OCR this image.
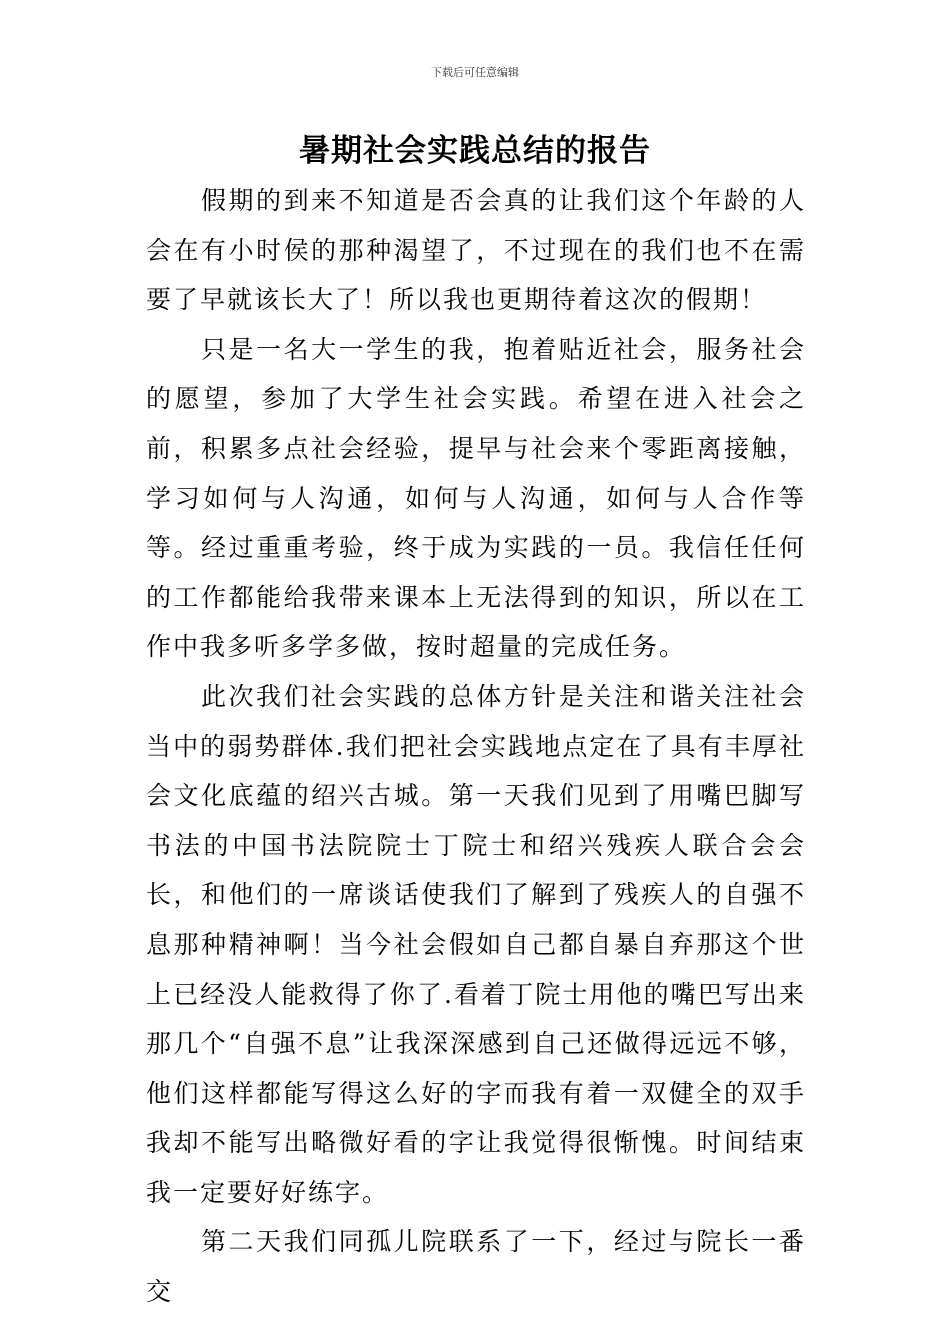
下载后可任意编辑
暑期社会实践总结的报告

假期的到来不知道是否会真的让我们这个年龄的人会在有小时侯的那种渴望了，不过现在的我们也不在需要了早就该长大了！所以我也更期待着这次的假期！

只是一名大一学生的我，抱着贴近社会，服务社会的愿望，参加了大学生社会实践。希望在进入社会之前，积累多点社会经验，提早与社会来个零距离接触，学习如何与人沟通，如何与人沟通，如何与人合作等等。经过重重考验，终于成为实践的一员。我信任任何的工作都能给我带来课本上无法得到的知识，所以在工作中我多听多学多做，按时超量的完成任务。

此次我们社会实践的总体方针是关注和谐关注社会当中的弱势群体.我们把社会实践地点定在了具有丰厚社会文化底蕴的绍兴古城。第一天我们见到了用嘴巴脚写书法的中国书法院院士丁院士和绍兴残疾人联合会会长，和他们的一席谈话使我们了解到了残疾人的自强不息那种精神啊！当今社会假如自己都自暴自弃那这个世上已经没人能救得了你了.看着丁院士用他的嘴巴写出来那几个“自强不息”让我深深感到自己还做得远远不够，他们这样都能写得这么好的字而我有着一双健全的双手我却不能写出略微好看的字让我觉得很惭愧。时间结束我一定要好好练字。

第二天我们同孤儿院联系了一下，经过与院长一番交
